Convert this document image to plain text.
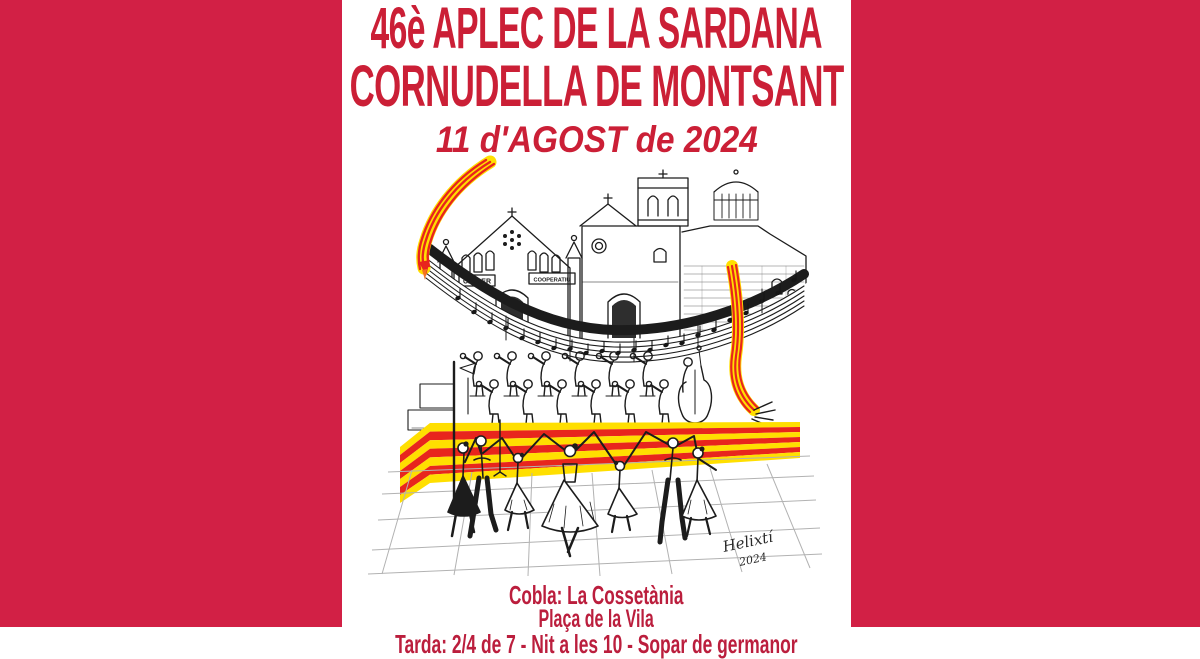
46è APLEC DE LA SARDANA
CORNUDELLA DE MONTSANT
11 d'AGOST de 2024
CELLER	COOPERATIU
Helixtí
2024
Cobla: La Cossetània
Plaça de la Vila
Tarda: 2/4 de 7 - Nit a les 10 - Sopar de germanor
